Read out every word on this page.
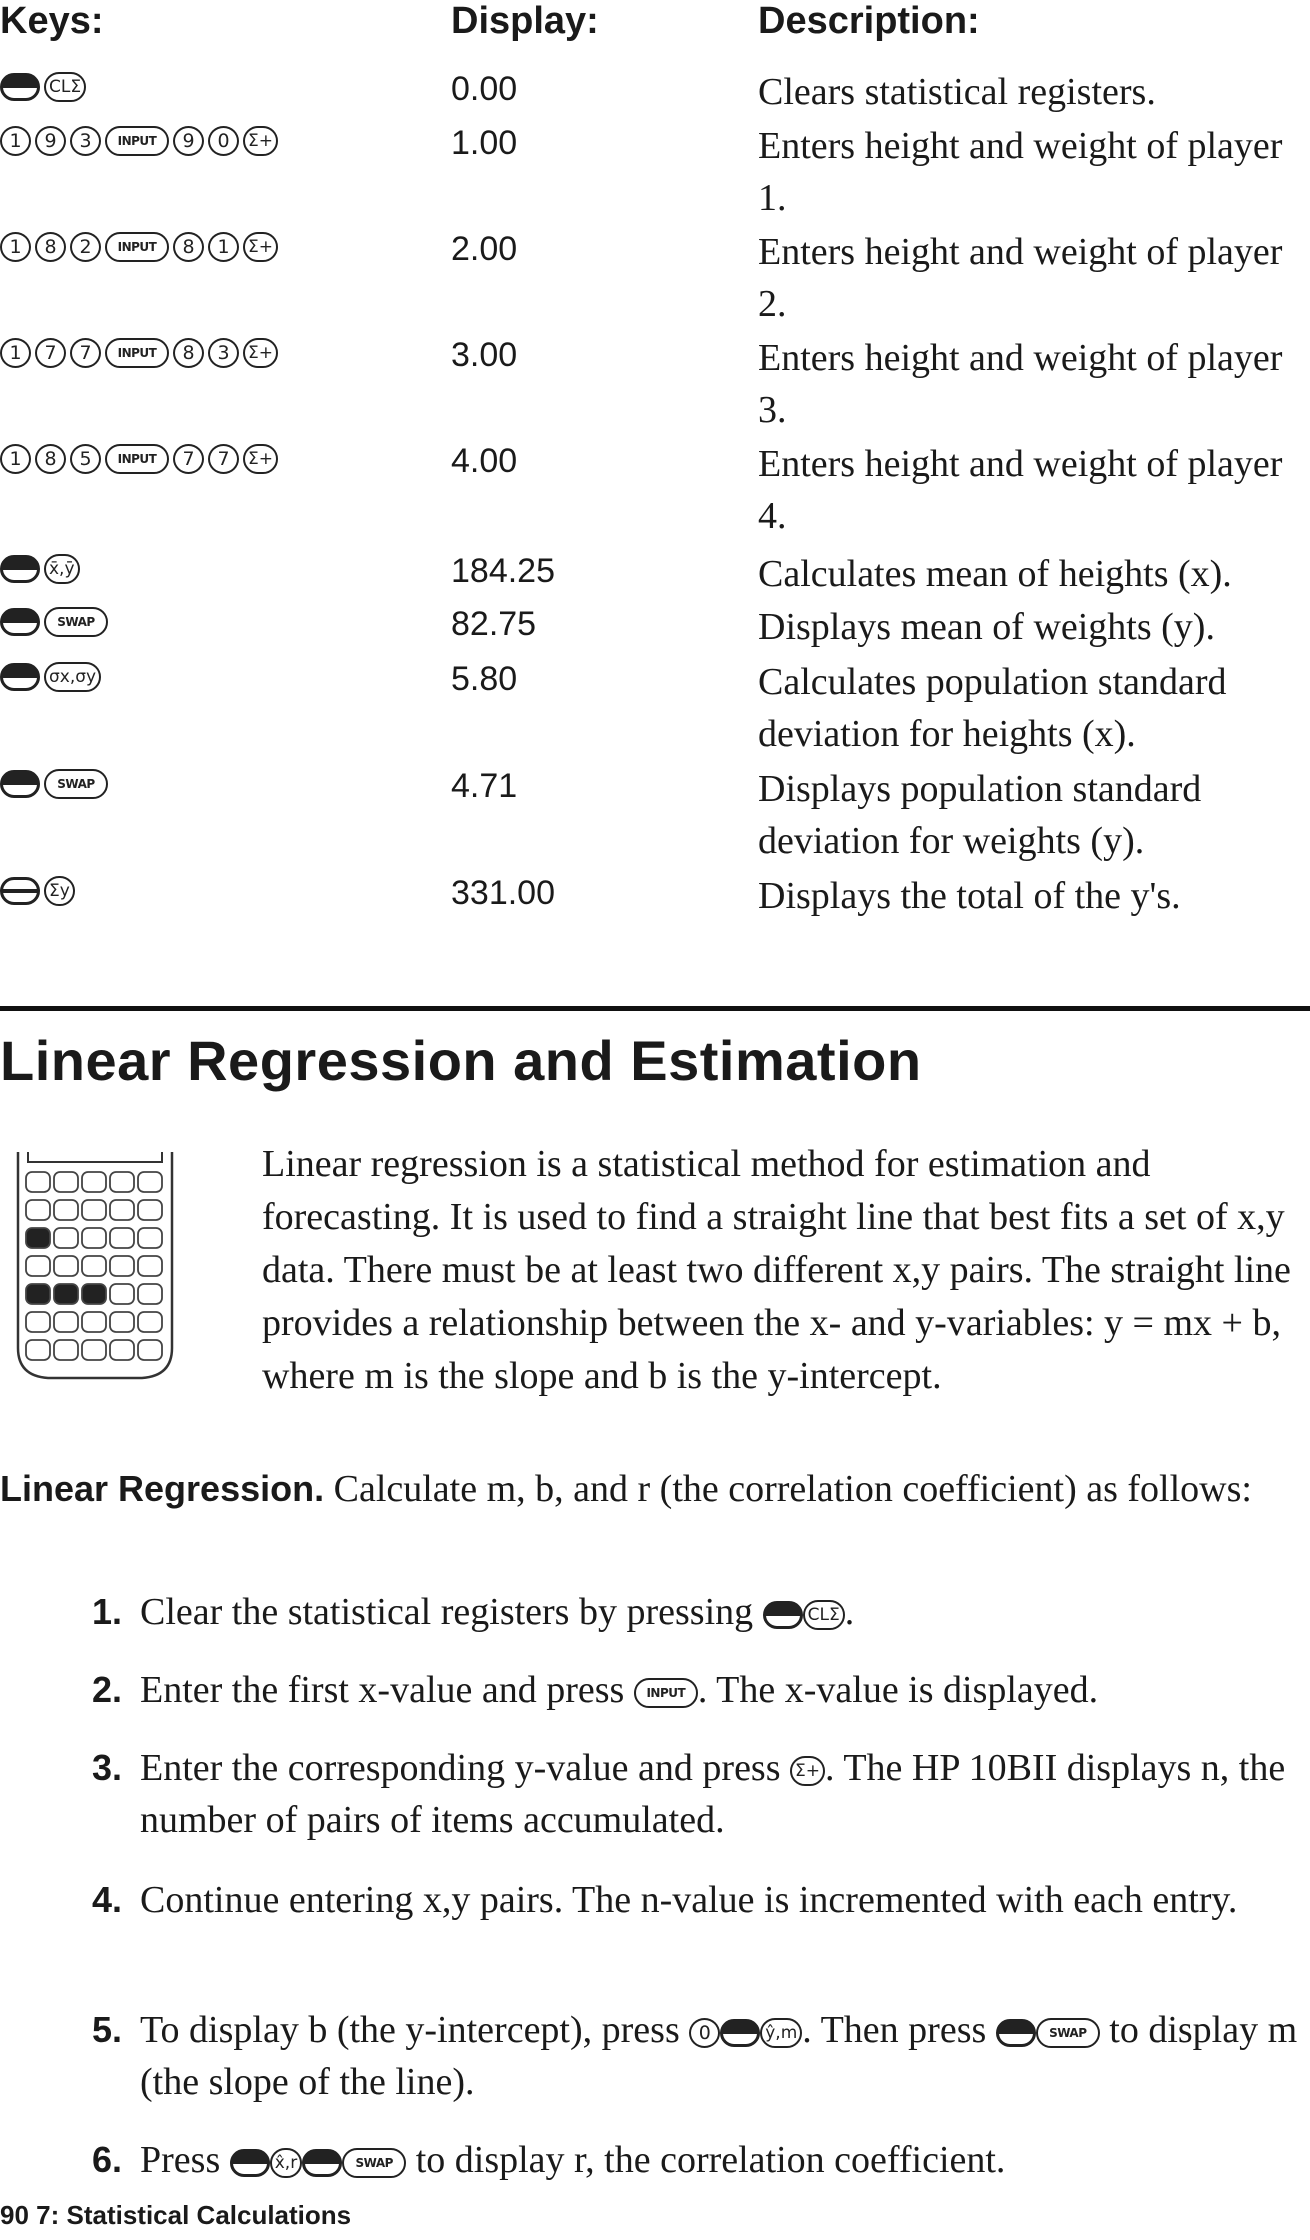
Keys:	Display:	Description:
CLΣ	0.00	Clears statistical registers.
1	9	3	INPUT	9	0	Σ+	1.00	Enters height and weight of player 1.
1	8	2	INPUT	8	1	Σ+	2.00	Enters height and weight of player 2.
1	7	7	INPUT	8	3	Σ+	3.00	Enters height and weight of player 3.
1	8	5	INPUT	7	7	Σ+	4.00	Enters height and weight of player 4.
x̄,ȳ	184.25	Calculates mean of heights (x).
SWAP	82.75	Displays mean of weights (y).
σx,σy	5.80	Calculates population standard deviation for heights (x).
SWAP	4.71	Displays population standard deviation for weights (y).
Σy	331.00	Displays the total of the y's.
Linear Regression and Estimation
Linear regression is a statistical method for estimation and forecasting. It is used to find a straight line that best fits a set of x,y data. There must be at least two different x,y pairs. The straight line provides a relationship between the x- and y-variables: y = mx + b, where m is the slope and b is the y-intercept.
Linear Regression. Calculate m, b, and r (the correlation coefficient) as follows:
1. Clear the statistical registers by pressing	CLΣ .
2. Enter the first x-value and press INPUT . The x-value is displayed.
3. Enter the corresponding y-value and press Σ+ . The HP 10BII displays n, the number of pairs of items accumulated.
4. Continue entering x,y pairs. The n-value is incremented with each entry.
5. To display b (the y-intercept), press 0	ŷ,m . Then press	SWAP to display m (the slope of the line).
6. Press	x̂,r	SWAP to display r, the correlation coefficient.
90 7: Statistical Calculations
